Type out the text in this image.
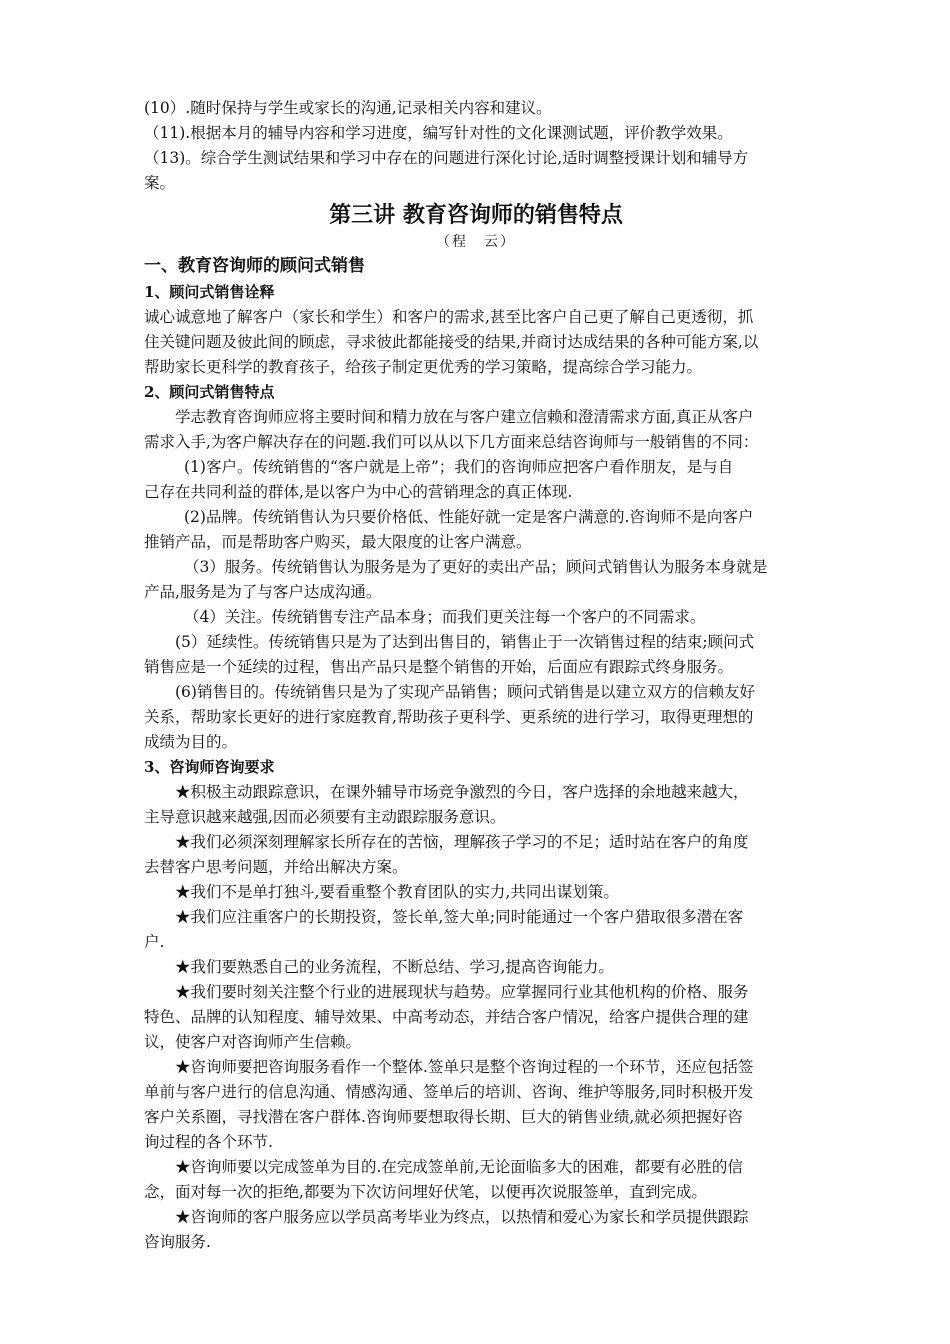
(10）.随时保持与学生或家长的沟通,记录相关内容和建议。
（11).根据本月的辅导内容和学习进度，编写针对性的文化课测试题，评价教学效果。
（13)。综合学生测试结果和学习中存在的问题进行深化讨论,适时调整授课计划和辅导方
案。
第三讲 教育咨询师的销售特点
（程　云）
一、教育咨询师的顾问式销售
1、顾问式销售诠释
诚心诚意地了解客户（家长和学生）和客户的需求,甚至比客户自己更了解自己更透彻，抓
住关键问题及彼此间的顾虑，寻求彼此都能接受的结果,并商讨达成结果的各种可能方案,以
帮助家长更科学的教育孩子，给孩子制定更优秀的学习策略，提高综合学习能力。
2、顾问式销售特点
学志教育咨询师应将主要时间和精力放在与客户建立信赖和澄清需求方面,真正从客户
需求入手,为客户解决存在的问题.我们可以从以下几方面来总结咨询师与一般销售的不同：
(1)客户。传统销售的“客户就是上帝”；我们的咨询师应把客户看作朋友，是与自
己存在共同利益的群体,是以客户为中心的营销理念的真正体现.
(2)品牌。传统销售认为只要价格低、性能好就一定是客户满意的.咨询师不是向客户
推销产品，而是帮助客户购买，最大限度的让客户满意。
（3）服务。传统销售认为服务是为了更好的卖出产品；顾问式销售认为服务本身就是
产品,服务是为了与客户达成沟通。
（4）关注。传统销售专注产品本身；而我们更关注每一个客户的不同需求。
(5）延续性。传统销售只是为了达到出售目的，销售止于一次销售过程的结束;顾问式
销售应是一个延续的过程，售出产品只是整个销售的开始，后面应有跟踪式终身服务。
(6)销售目的。传统销售只是为了实现产品销售；顾问式销售是以建立双方的信赖友好
关系，帮助家长更好的进行家庭教育,帮助孩子更科学、更系统的进行学习，取得更理想的
成绩为目的。
3、咨询师咨询要求
★积极主动跟踪意识，在课外辅导市场竞争激烈的今日，客户选择的余地越来越大，
主导意识越来越强,因而必须要有主动跟踪服务意识。
★我们必须深刻理解家长所存在的苦恼，理解孩子学习的不足；适时站在客户的角度
去替客户思考问题，并给出解决方案。
★我们不是单打独斗,要看重整个教育团队的实力,共同出谋划策。
★我们应注重客户的长期投资，签长单,签大单;同时能通过一个客户猎取很多潜在客
户.
★我们要熟悉自己的业务流程，不断总结、学习,提高咨询能力。
★我们要时刻关注整个行业的进展现状与趋势。应掌握同行业其他机构的价格、服务
特色、品牌的认知程度、辅导效果、中高考动态，并结合客户情况，给客户提供合理的建
议，使客户对咨询师产生信赖。
★咨询师要把咨询服务看作一个整体.签单只是整个咨询过程的一个环节，还应包括签
单前与客户进行的信息沟通、情感沟通、签单后的培训、咨询、维护等服务,同时积极开发
客户关系圈，寻找潜在客户群体.咨询师要想取得长期、巨大的销售业绩,就必须把握好咨
询过程的各个环节.
★咨询师要以完成签单为目的.在完成签单前,无论面临多大的困难，都要有必胜的信
念，面对每一次的拒绝,都要为下次访问埋好伏笔，以便再次说服签单，直到完成。
★咨询师的客户服务应以学员高考毕业为终点，以热情和爱心为家长和学员提供跟踪
咨询服务.
